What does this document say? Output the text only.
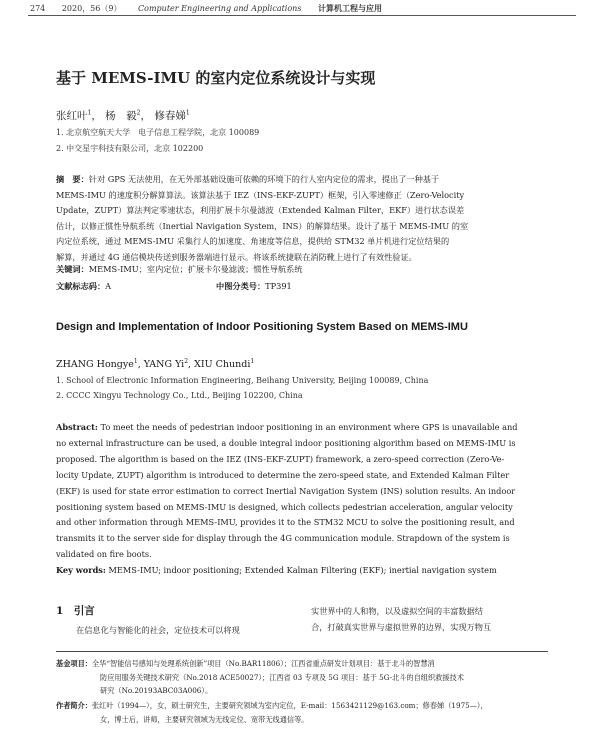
274 2020，56（9） Computer Engineering and Applications 计算机工程与应用
基于 MEMS-IMU 的室内定位系统设计与实现
张红叶$^1$， 杨　毅$^2$， 修春娣$^1$
1. 北京航空航天大学　电子信息工程学院，北京 100089
2. 中交星宇科技有限公司，北京 102200
摘　要：针对 GPS 无法使用，在无外部基础设施可依赖的环境下的行人室内定位的需求，提出了一种基于
MEMS-IMU 的速度积分解算算法。该算法基于 IEZ（INS-EKF-ZUPT）框架，引入零速修正（Zero-Velocity
Update，ZUPT）算法判定零速状态，利用扩展卡尔曼滤波（Extended Kalman Filter，EKF）进行状态误差
估计，以修正惯性导航系统（Inertial Navigation System，INS）的解算结果。设计了基于 MEMS-IMU 的室
内定位系统，通过 MEMS-IMU 采集行人的加速度、角速度等信息，提供给 STM32 单片机进行定位结果的
解算，并通过 4G 通信模块传送到服务器端进行显示。将该系统捷联在消防靴上进行了有效性验证。
关键词：MEMS-IMU；室内定位；扩展卡尔曼滤波；惯性导航系统
文献标志码：A	中图分类号：TP391
Design and Implementation of Indoor Positioning System Based on MEMS-IMU
ZHANG Hongye$^1$, YANG Yi$^2$, XIU Chundi$^1$
1. School of Electronic Information Engineering, Beihang University, Beijing 100089, China
2. CCCC Xingyu Technology Co., Ltd., Beijing 102200, China
Abstract: To meet the needs of pedestrian indoor positioning in an environment where GPS is unavailable and
no external infrastructure can be used, a double integral indoor positioning algorithm based on MEMS-IMU is
proposed. The algorithm is based on the IEZ (INS-EKF-ZUPT) framework, a zero-speed correction (Zero-Ve-
locity Update, ZUPT) algorithm is introduced to determine the zero-speed state, and Extended Kalman Filter
(EKF) is used for state error estimation to correct Inertial Navigation System (INS) solution results. An indoor
positioning system based on MEMS-IMU is designed, which collects pedestrian acceleration, angular velocity
and other information through MEMS-IMU, provides it to the STM32 MCU to solve the positioning result, and
transmits it to the server side for display through the 4G communication module. Strapdown of the system is
validated on fire boots.
Key words: MEMS-IMU; indoor positioning; Extended Kalman Filtering (EKF); inertial navigation system
1　 引言
在信息化与智能化的社会，定位技术可以将现
实世界中的人和物，以及虚拟空间的丰富数据结
合，打破真实世界与虚拟世界的边界，实现万物互
基金项目：全华“智能信号感知与处理系统创新”项目（No.BAR11806）；江西省重点研发计划项目：基于北斗的智慧消
防应用服务关键技术研究（No.2018 ACE50027）；江西省 03 专项及 5G 项目：基于 5G-北斗的自组织救援技术
研究（No.20193ABC03A006）。
作者简介：张红叶（1994—），女，硕士研究生，主要研究领域为室内定位，E-mail：1563421129@163.com；修春娣（1975—），
女，博士后，讲师，主要研究领域为无线定位、宽带无线通信等。
